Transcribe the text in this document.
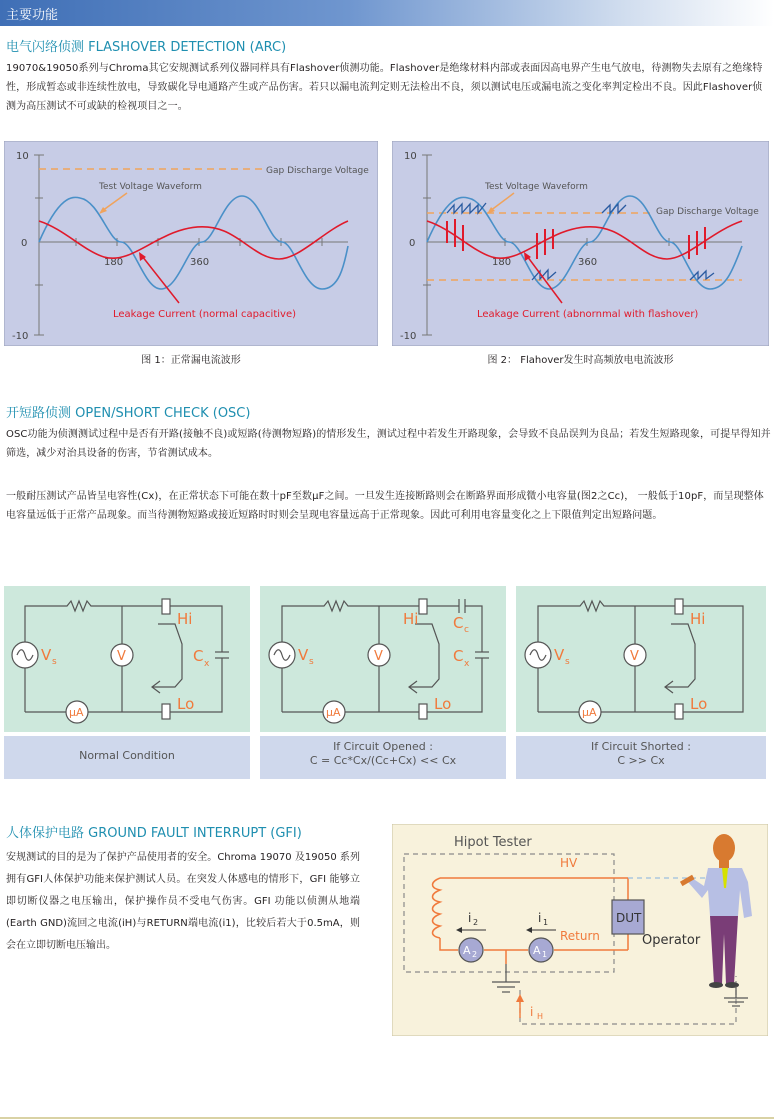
主要功能
电气闪络侦测 FLASHOVER DETECTION (ARC)

19070&19050系列与Chroma其它安规测试系列仪器同样具有Flashover侦测功能。Flashover是绝缘材料内部或表面因高电界产生电气放电，待测物失去原有之绝缘特性，形成暂态或非连续性放电，导致碳化导电通路产生或产品伤害。若只以漏电流判定则无法检出不良，须以测试电压或漏电流之变化率判定检出不良。因此Flashover侦测为高压测试不可或缺的检视项目之一。

10
0
-10
180	360
Gap Discharge Voltage
Test Voltage Waveform
Leakage Current (normal capacitive)
图 1：正常漏电流波形
10
0
-10
180	360
Gap Discharge Voltage
Test Voltage Waveform
Leakage Current (abnornmal with flashover)
图 2： Flahover发生时高频放电电流波形
开短路侦测 OPEN/SHORT CHECK (OSC)

OSC功能为侦测测试过程中是否有开路(接触不良)或短路(待测物短路)的情形发生，测试过程中若发生开路现象，会导致不良品误判为良品；若发生短路现象，可提早得知并筛选，减少对治具设备的伤害，节省测试成本。

一般耐压测试产品皆呈电容性(Cx)，在正常状态下可能在数十pF至数μF之间。一旦发生连接断路则会在断路界面形成微小电容量(图2之Cc)， 一般低于10pF，而呈现整体电容量远低于正常产品现象。而当待测物短路或接近短路时时则会呈现电容量远高于正常现象。因此可利用电容量变化之上下限值判定出短路问题。

V
μA
V s
Hi
Lo
C x	V
μA
V s
Hi
Lo
C c
C x	V
μA
V s
Hi
Lo
Normal Condition
If Circuit Opened :
C = Cc*Cx/(Cc+Cx) << Cx
If Circuit Shorted :
C >> Cx
人体保护电路 GROUND FAULT INTERRUPT (GFI)

安规测试的目的是为了保护产品使用者的安全。Chroma 19070 及19050 系列拥有GFI人体保护功能来保护测试人员。在突发人体感电的情形下，GFI 能够立即切断仪器之电压输出，保护操作员不受电气伤害。GFI 功能以侦测从地端(Earth GND)流回之电流(iH)与RETURN端电流(i1)，比较后若大于0.5mA，则会在立即切断电压输出。

Hipot Tester
HV
i H
DUT
Operator
Return
A 2	A 1
i 2	i 1
